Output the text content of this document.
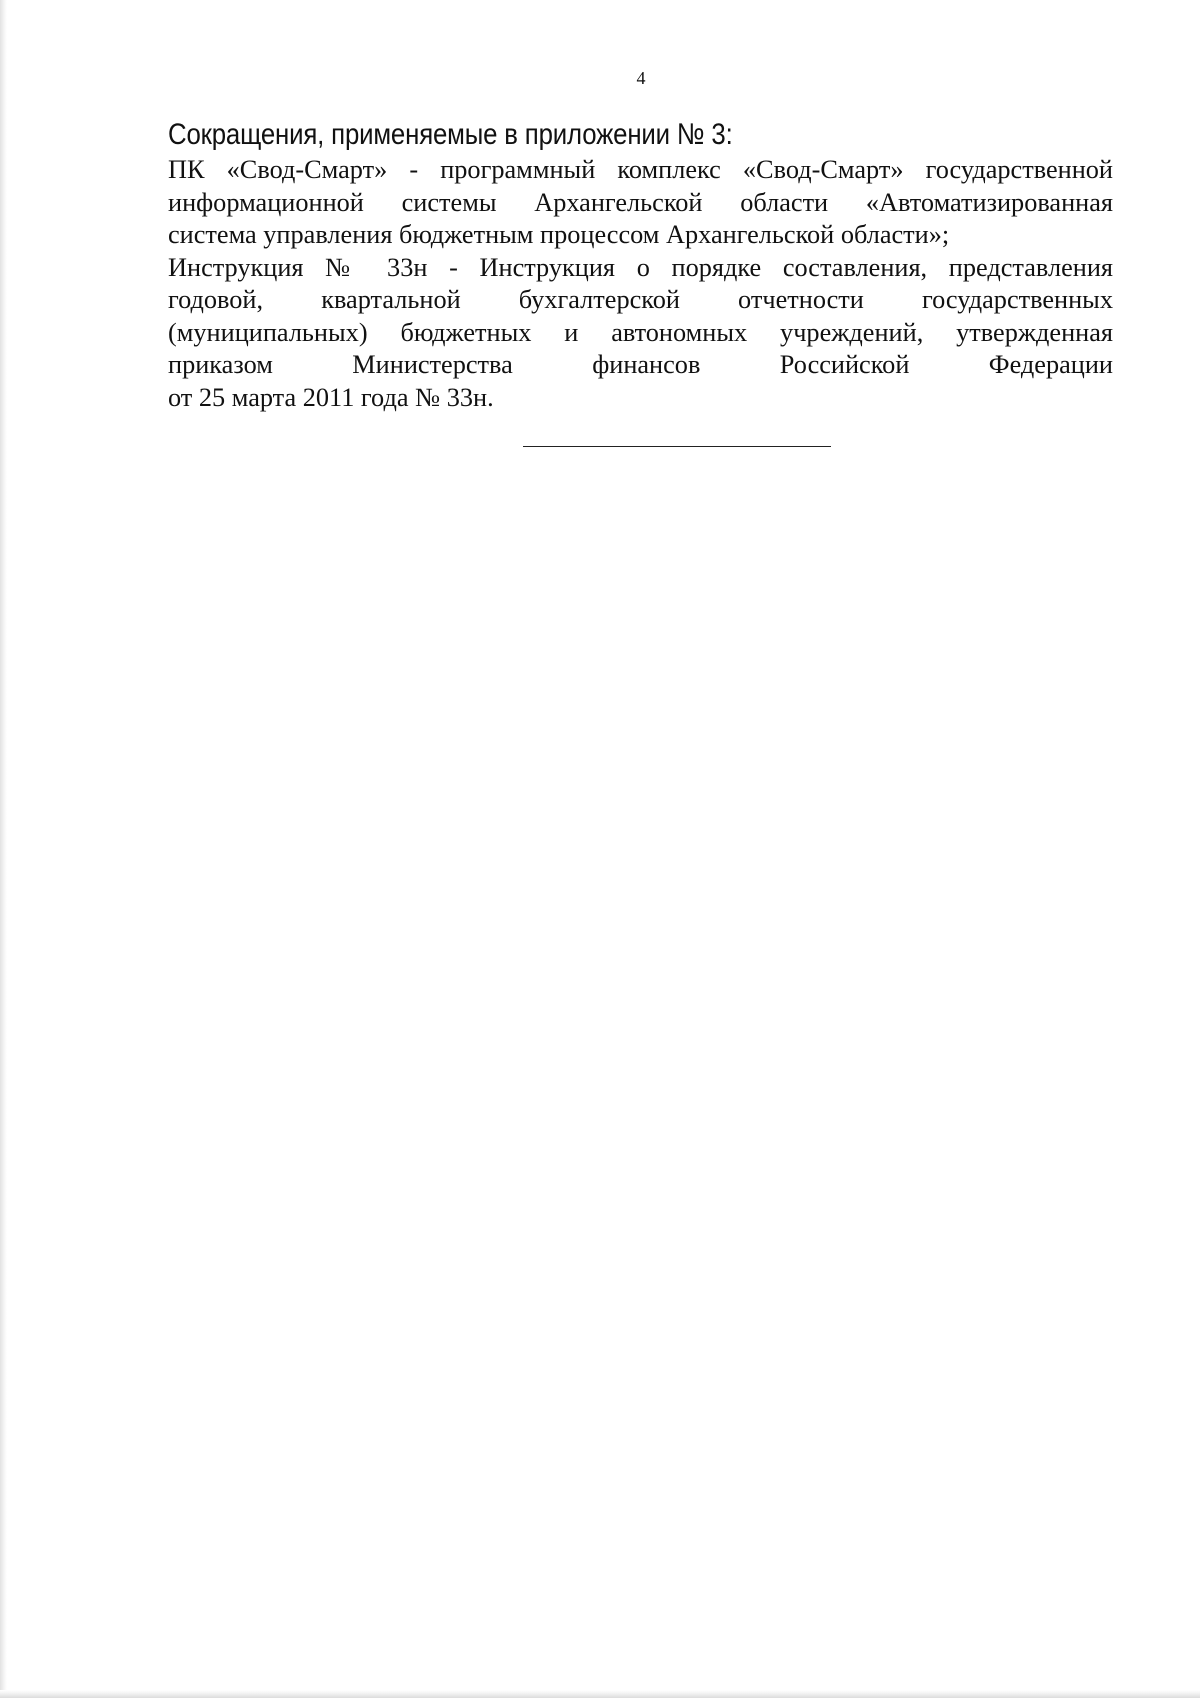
4
Сокращения, применяемые в приложении № 3:

ПК «Свод-Смарт» - программный комплекс «Свод-Смарт» государственной
информационной системы Архангельской области «Автоматизированная
система управления бюджетным процессом Архангельской области»;

Инструкция № 33н - Инструкция о порядке составления, представления
годовой, квартальной бухгалтерской отчетности государственных
(муниципальных) бюджетных и автономных учреждений, утвержденная
приказом Министерства финансов Российской Федерации
от 25 марта 2011 года № 33н.
